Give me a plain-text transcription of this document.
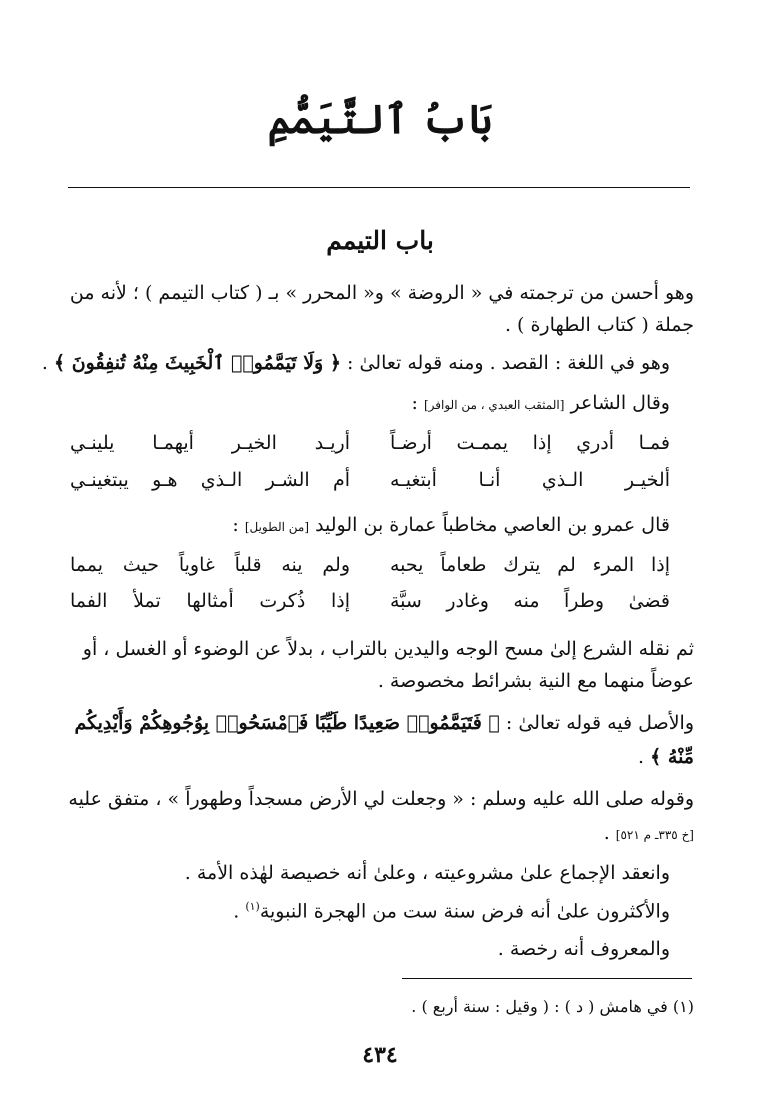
بَابُ ٱلتَّيَمُّمِ
باب التيمم
وهو أحسن من ترجمته في « الروضة » و« المحرر » بـ ( كتاب التيمم ) ؛ لأنه من
جملة ( كتاب الطهارة ) .
وهو في اللغة : القصد . ومنه قوله تعالىٰ : ﴿ وَلَا تَيَمَّمُوا۟ ٱلْخَبِيثَ مِنْهُ تُنفِقُونَ ﴾ .
وقال الشاعر [المثقب العبدي ، من الوافر] :
فمـا أدري إذا يممـت أرضـاً
أريـد الخيـر أيهمـا يلينـي
ألخيـر الـذي أنـا أبتغيـه
أم الشـر الـذي هـو يبتغينـي
قال عمرو بن العاصي مخاطباً عمارة بن الوليد [من الطويل] :
إذا المرء لم يترك طعاماً يحبه
ولم ينه قلباً غاوياً حيث يمما
قضىٰ وطراً منه وغادر سبَّة
إذا ذُكرت أمثالها تملأ الفما
ثم نقله الشرع إلىٰ مسح الوجه واليدين بالتراب ، بدلاً عن الوضوء أو الغسل ، أو
عوضاً منهما مع النية بشرائط مخصوصة .
والأصل فيه قوله تعالىٰ : ﴿ فَتَيَمَّمُوا۟ صَعِيدًا طَيِّبًا فَٱمْسَحُوا۟ بِوُجُوهِكُمْ وَأَيْدِيكُم
مِّنْهُ ﴾ .
وقوله صلى الله عليه وسلم : « وجعلت لي الأرض مسجداً وطهوراً » ، متفق عليه
[خ ٣٣٥ـ م ٥٢١] .
وانعقد الإجماع علىٰ مشروعيته ، وعلىٰ أنه خصيصة لهٰذه الأمة .
والأكثرون علىٰ أنه فرض سنة ست من الهجرة النبوية$^{(١)}$ .
والمعروف أنه رخصة .
(١) في هامش ( د ) : ( وقيل : سنة أربع ) .
٤٣٤
